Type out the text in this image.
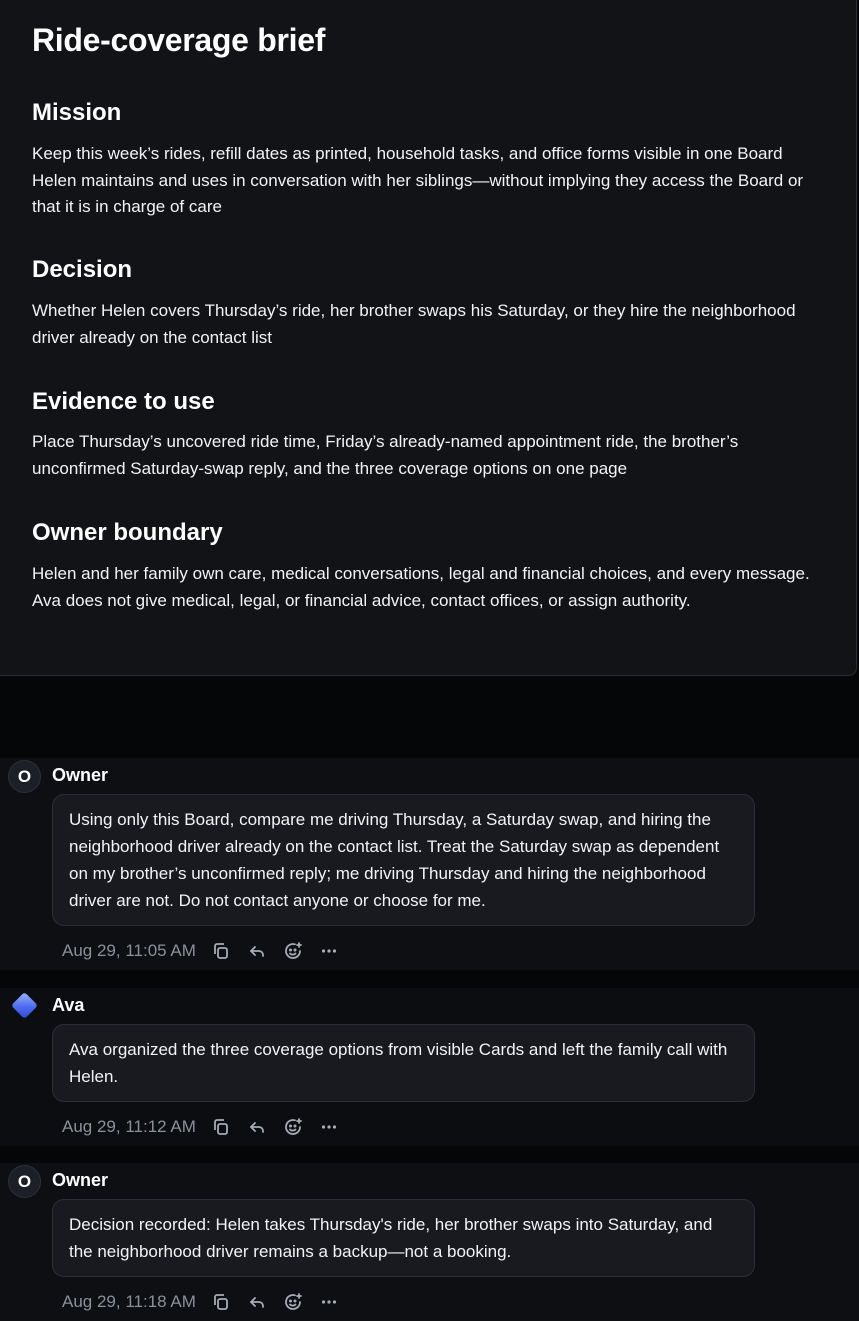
Ride-coverage brief
Mission

Keep this week’s rides, refill dates as printed, household tasks, and office forms visible in one Board Helen maintains and uses in conversation with her siblings—without implying they access the Board or that it is in charge of care

Decision

Whether Helen covers Thursday’s ride, her brother swaps his Saturday, or they hire the neighborhood driver already on the contact list

Evidence to use

Place Thursday’s uncovered ride time, Friday’s already-named appointment ride, the brother’s unconfirmed Saturday-swap reply, and the three coverage options on one page

Owner boundary

Helen and her family own care, medical conversations, legal and financial choices, and every message. Ava does not give medical, legal, or financial advice, contact offices, or assign authority.

O	Owner
Using only this Board, compare me driving Thursday, a Saturday swap, and hiring the neighborhood driver already on the contact list. Treat the Saturday swap as dependent on my brother’s unconfirmed reply; me driving Thursday and hiring the neighborhood driver are not. Do not contact anyone or choose for me.
Aug 29, 11:05 AM
Ava
Ava organized the three coverage options from visible Cards and left the family call with Helen.
Aug 29, 11:12 AM
O	Owner
Decision recorded: Helen takes Thursday's ride, her brother swaps into Saturday, and the neighborhood driver remains a backup—not a booking.
Aug 29, 11:18 AM
